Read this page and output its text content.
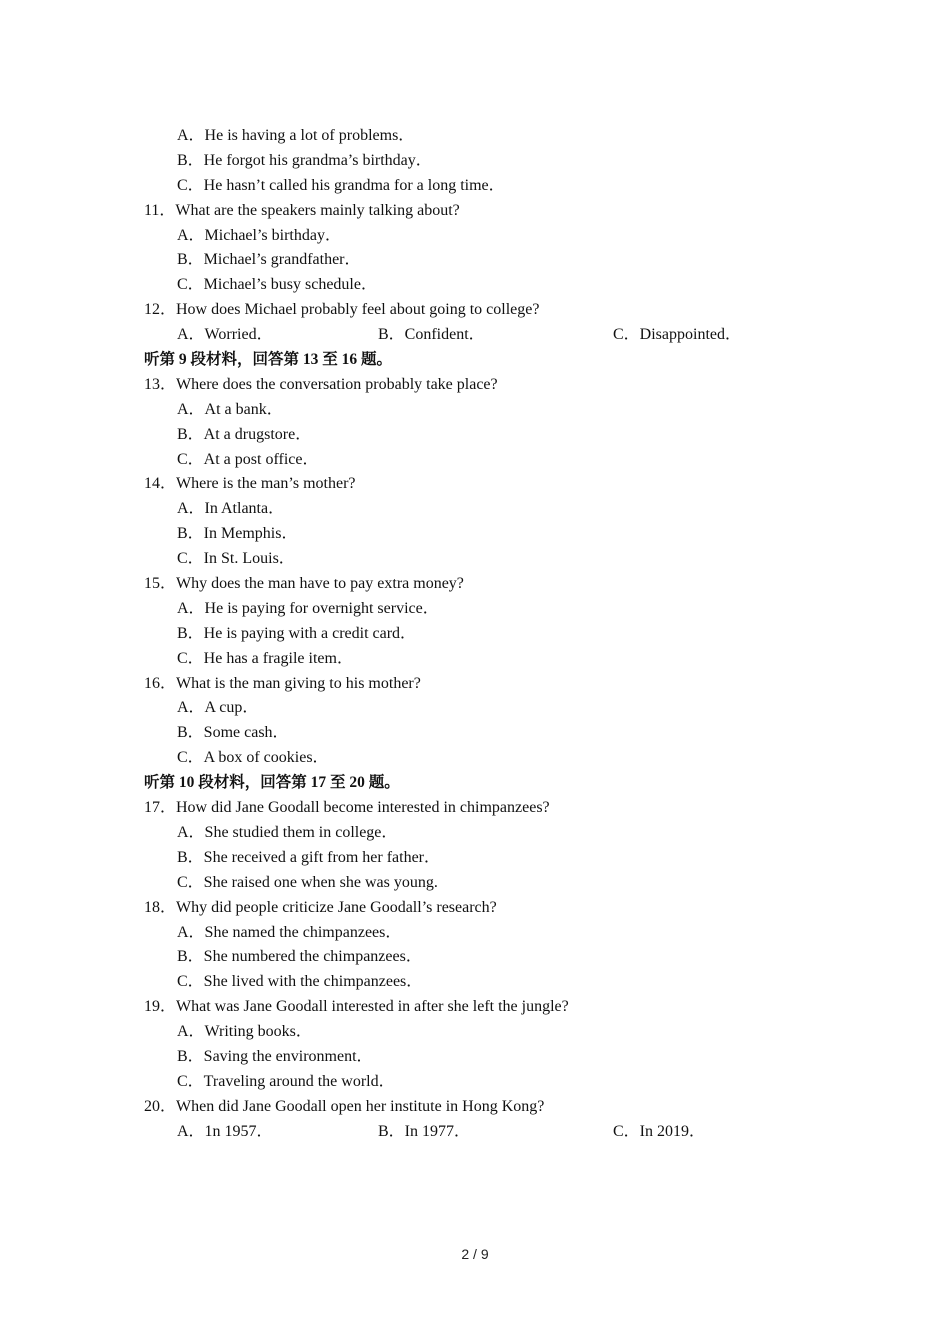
A．He is having a lot of problems．
B．He forgot his grandma’s birthday．
C．He hasn’t called his grandma for a long time．
11．What are the speakers mainly talking about?
A．Michael’s birthday．
B．Michael’s grandfather．
C．Michael’s busy schedule．
12．How does Michael probably feel about going to college?
A．Worried．	B．Confident．	C．Disappointed．
听第 9 段材料，回答第 13 至 16 题。
13．Where does the conversation probably take place?
A．At a bank．
B．At a drugstore．
C．At a post office．
14．Where is the man’s mother?
A．In Atlanta．
B．In Memphis．
C．In St. Louis．
15．Why does the man have to pay extra money?
A．He is paying for overnight service．
B．He is paying with a credit card．
C．He has a fragile item．
16．What is the man giving to his mother?
A．A cup．
B．Some cash．
C．A box of cookies．
听第 10 段材料，回答第 17 至 20 题。
17．How did Jane Goodall become interested in chimpanzees?
A．She studied them in college．
B．She received a gift from her father．
C．She raised one when she was young.
18．Why did people criticize Jane Goodall’s research?
A．She named the chimpanzees．
B．She numbered the chimpanzees．
C．She lived with the chimpanzees．
19．What was Jane Goodall interested in after she left the jungle?
A．Writing books．
B．Saving the environment．
C．Traveling around the world．
20．When did Jane Goodall open her institute in Hong Kong?
A．1n 1957．	B．In 1977．	C．In 2019．
2 / 9
